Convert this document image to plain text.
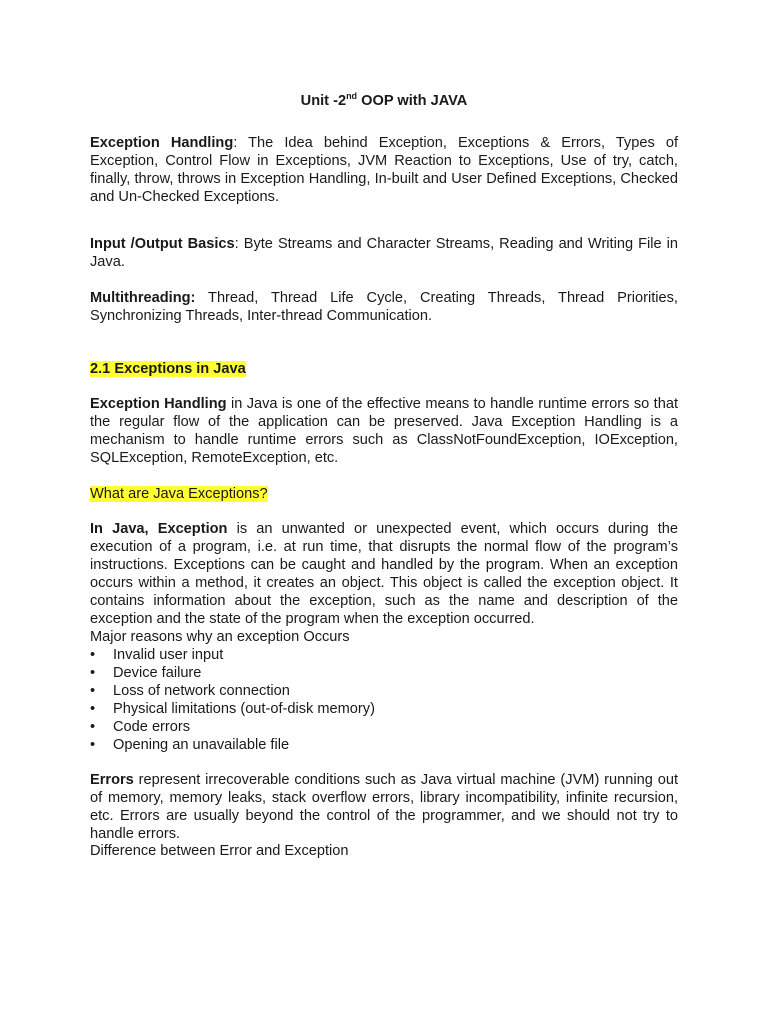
Unit -2nd OOP with JAVA

Exception Handling: The Idea behind Exception, Exceptions & Errors, Types of Exception, Control Flow in Exceptions, JVM Reaction to Exceptions, Use of try, catch, finally, throw, throws in Exception Handling, In-built and User Defined Exceptions, Checked and Un-Checked Exceptions.

Input /Output Basics: Byte Streams and Character Streams, Reading and Writing File in Java.

Multithreading: Thread, Thread Life Cycle, Creating Threads, Thread Priorities, Synchronizing Threads, Inter-thread Communication.

2.1 Exceptions in Java

Exception Handling in Java is one of the effective means to handle runtime errors so that the regular flow of the application can be preserved. Java Exception Handling is a mechanism to handle runtime errors such as ClassNotFoundException, IOException, SQLException, RemoteException, etc.

What are Java Exceptions?

In Java, Exception is an unwanted or unexpected event, which occurs during the execution of a program, i.e. at run time, that disrupts the normal flow of the program’s instructions. Exceptions can be caught and handled by the program. When an exception occurs within a method, it creates an object. This object is called the exception object. It contains information about the exception, such as the name and description of the exception and the state of the program when the exception occurred.

Major reasons why an exception Occurs

• Invalid user input
• Device failure
• Loss of network connection
• Physical limitations (out-of-disk memory)
• Code errors
• Opening an unavailable file

Errors represent irrecoverable conditions such as Java virtual machine (JVM) running out of memory, memory leaks, stack overflow errors, library incompatibility, infinite recursion, etc. Errors are usually beyond the control of the programmer, and we should not try to handle errors.

Difference between Error and Exception
